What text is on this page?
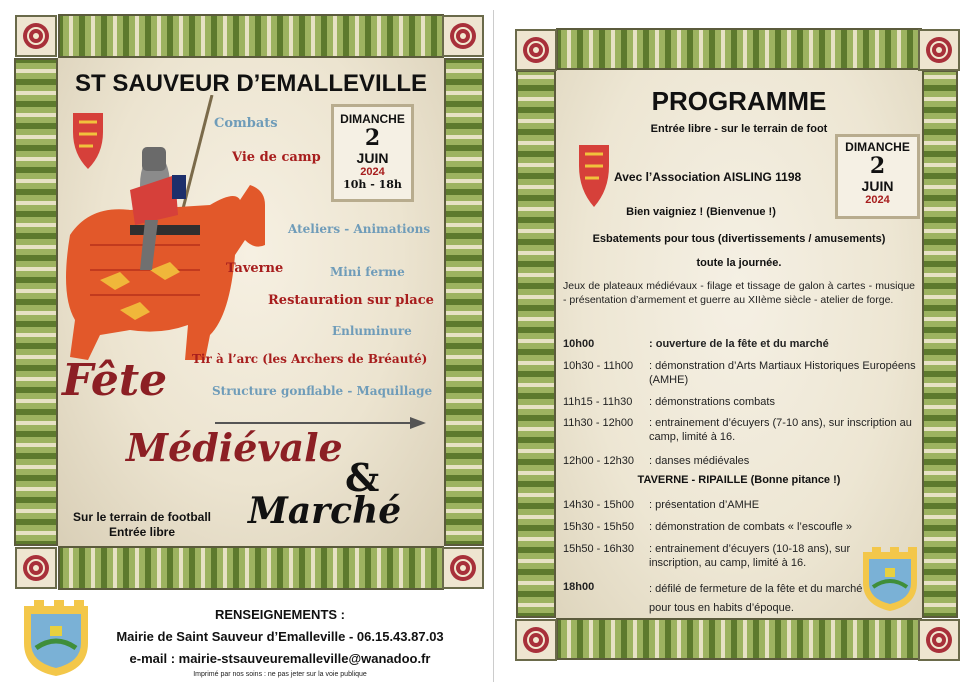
ST SAUVEUR D’EMALLEVILLE
DIMANCHE
2
JUIN
2024
10h - 18h
Combats
Vie de camp
Ateliers - Animations
Taverne	Mini ferme
Restauration sur place
Enluminure
Tir à l’arc (les Archers de Bréauté)
Structure gonflable - Maquillage
Fête
Médiévale
&
Marché
Sur le terrain de football
Entrée libre
RENSEIGNEMENTS :
Mairie de Saint Sauveur d’Emalleville - 06.15.43.87.03
e-mail : mairie-stsauveuremalleville@wanadoo.fr
Imprimé par nos soins : ne pas jeter sur la voie publique
PROGRAMME
Entrée libre - sur le terrain de foot
DIMANCHE
2
JUIN
2024
Avec l’Association AISLING 1198
Bien vaigniez ! (Bienvenue !)
Esbatements pour tous (divertissements / amusements)
toute la journée.
Jeux de plateaux médiévaux - filage et tissage de galon à cartes - musique - présentation d’armement et guerre au XIIème siècle - atelier de forge.
10h00	: ouverture de la fête et du marché
10h30 - 11h00 : démonstration d’Arts Martiaux Historiques Européens (AMHE)
11h15 - 11h30 : démonstrations combats
11h30 - 12h00 : entrainement d’écuyers (7-10 ans), sur inscription au camp, limité à 16.
12h00 - 12h30 : danses médiévales
TAVERNE - RIPAILLE (Bonne pitance !)
14h30 - 15h00 : présentation d’AMHE
15h30 - 15h50 : démonstration de combats « l’escoufle »
15h50 - 16h30 : entrainement d’écuyers (10-18 ans), sur inscription, au camp, limité à 16.
18h00	: défilé de fermeture de la fête et du marché pour tous en habits d’époque.
